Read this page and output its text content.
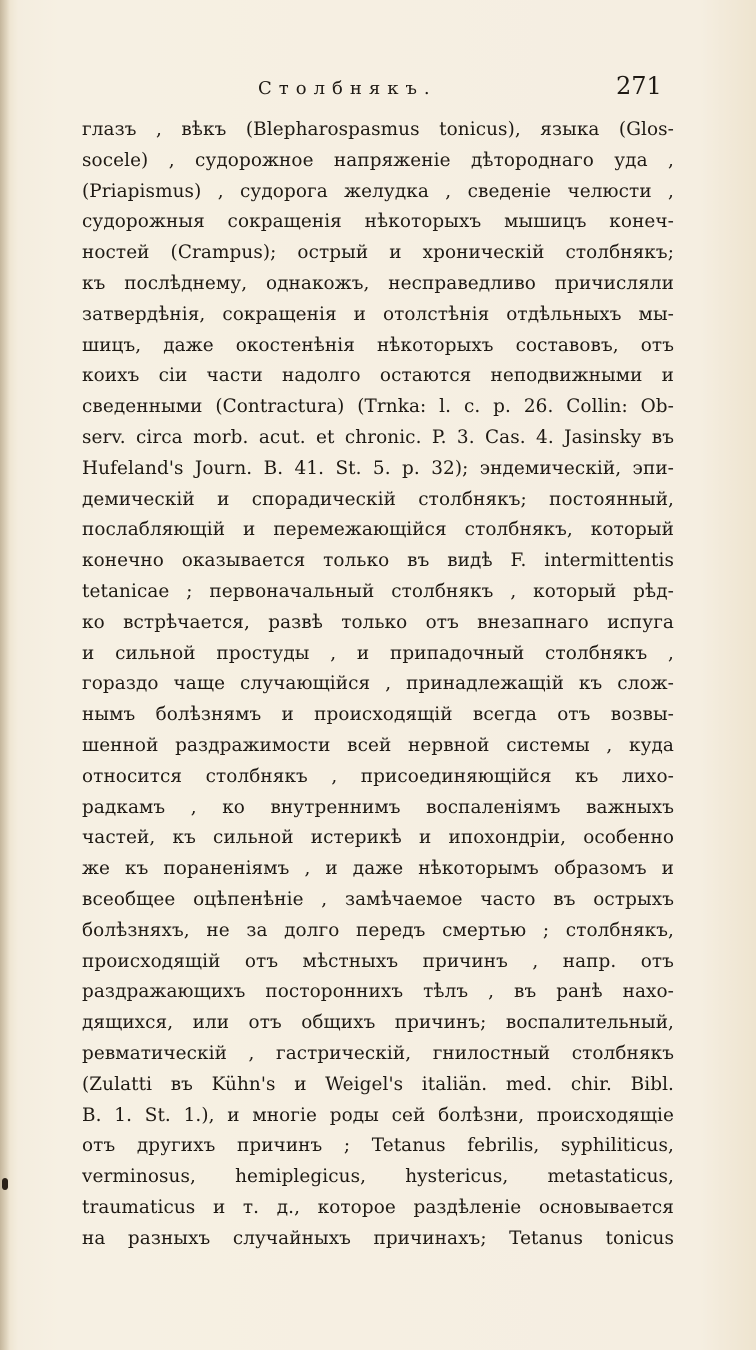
Столбнякъ.	271
глазъ , вѣкъ (Blepharospasmus tonicus), языка (Glos-
socele) , судорожное напряженіе дѣтороднаго уда ,
(Priapismus) , судорога желудка , сведеніе челюсти ,
судорожныя сокращенія нѣкоторыхъ мышицъ конеч-
ностей (Crampus); острый и хроническій столбнякъ;
къ послѣднему, однакожъ, несправедливо причисляли
затвердѣнія, сокращенія и отолстѣнія отдѣльныхъ мы-
шицъ, даже окостенѣнія нѣкоторыхъ составовъ, отъ
коихъ сіи части надолго остаются неподвижными и
сведенными (Contractura) (Trnka: l. c. p. 26. Collin: Ob-
serv. circa morb. acut. et chronic. P. 3. Cas. 4. Jasinsky въ
Hufeland's Journ. B. 41. St. 5. p. 32); эндемическій, эпи-
демическій и спорадическій столбнякъ; постоянный,
послабляющій и перемежающійся столбнякъ, который
конечно оказывается только въ видѣ F. intermittentis
tetanicae ; первоначальный столбнякъ , который рѣд-
ко встрѣчается, развѣ только отъ внезапнаго испуга
и сильной простуды , и припадочный столбнякъ ,
гораздо чаще случающійся , принадлежащій къ слож-
нымъ болѣзнямъ и происходящій всегда отъ возвы-
шенной раздражимости всей нервной системы , куда
относится столбнякъ , присоединяющійся къ лихо-
радкамъ , ко внутреннимъ воспаленіямъ важныхъ
частей, къ сильной истерикѣ и ипохондріи, особенно
же къ пораненіямъ , и даже нѣкоторымъ образомъ и
всеобщее оцѣпенѣніе , замѣчаемое часто въ острыхъ
болѣзняхъ, не за долго передъ смертью ; столбнякъ,
происходящій отъ мѣстныхъ причинъ , напр. отъ
раздражающихъ постороннихъ тѣлъ , въ ранѣ нахо-
дящихся, или отъ общихъ причинъ; воспалительный,
ревматическій , гастрическій, гнилостный столбнякъ
(Zulatti въ Kühn's и Weigel's italiän. med. chir. Bibl.
B. 1. St. 1.), и многіе роды сей болѣзни, происходящіе
отъ другихъ причинъ ; Tetanus febrilis, syphiliticus,
verminosus, hemiplegicus, hystericus, metastaticus,
traumaticus и т. д., которое раздѣленіе основывается
на разныхъ случайныхъ причинахъ; Tetanus tonicus
